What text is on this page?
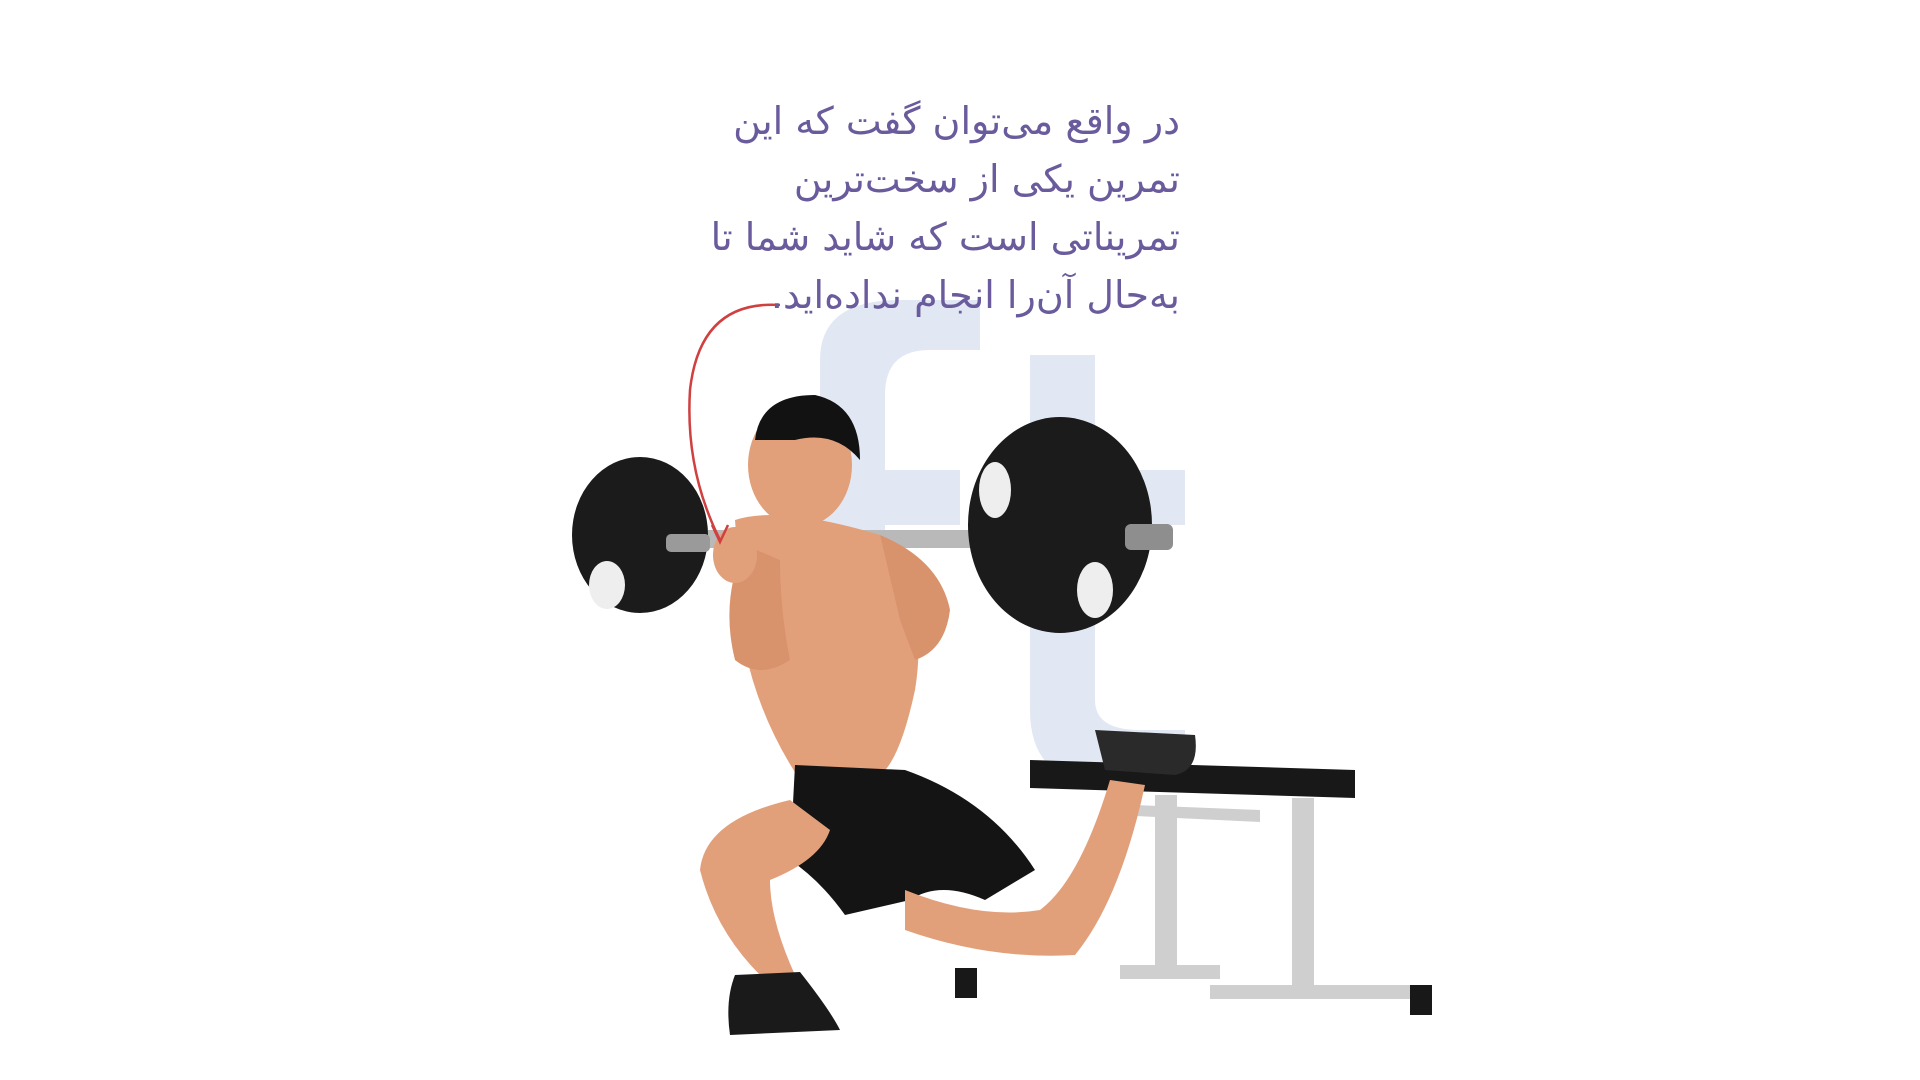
در واقع می‌توان گفت که این
تمرین یکی از سخت‌ترین
تمریناتی است که شاید شما تا
به‌حال آن‌را انجام نداده‌اید.
